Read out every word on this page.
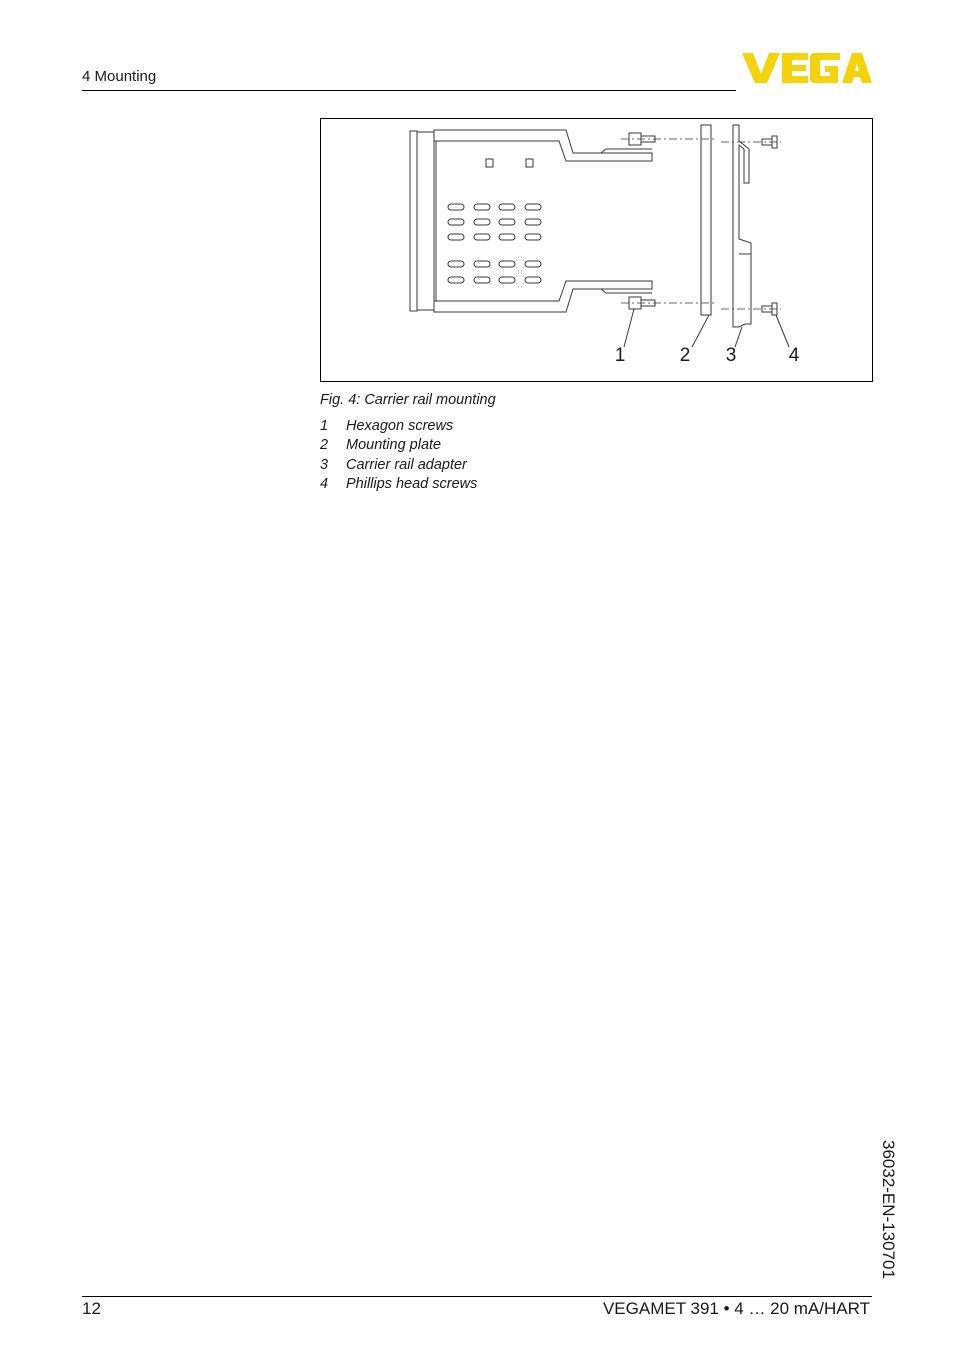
4 Mounting
1	2 3	4
Fig. 4: Carrier rail mounting
1 Hexagon screws
2 Mounting plate
3 Carrier rail adapter
4 Phillips head screws
36032-EN-130701
12	VEGAMET 391 • 4 … 20 mA/HART
